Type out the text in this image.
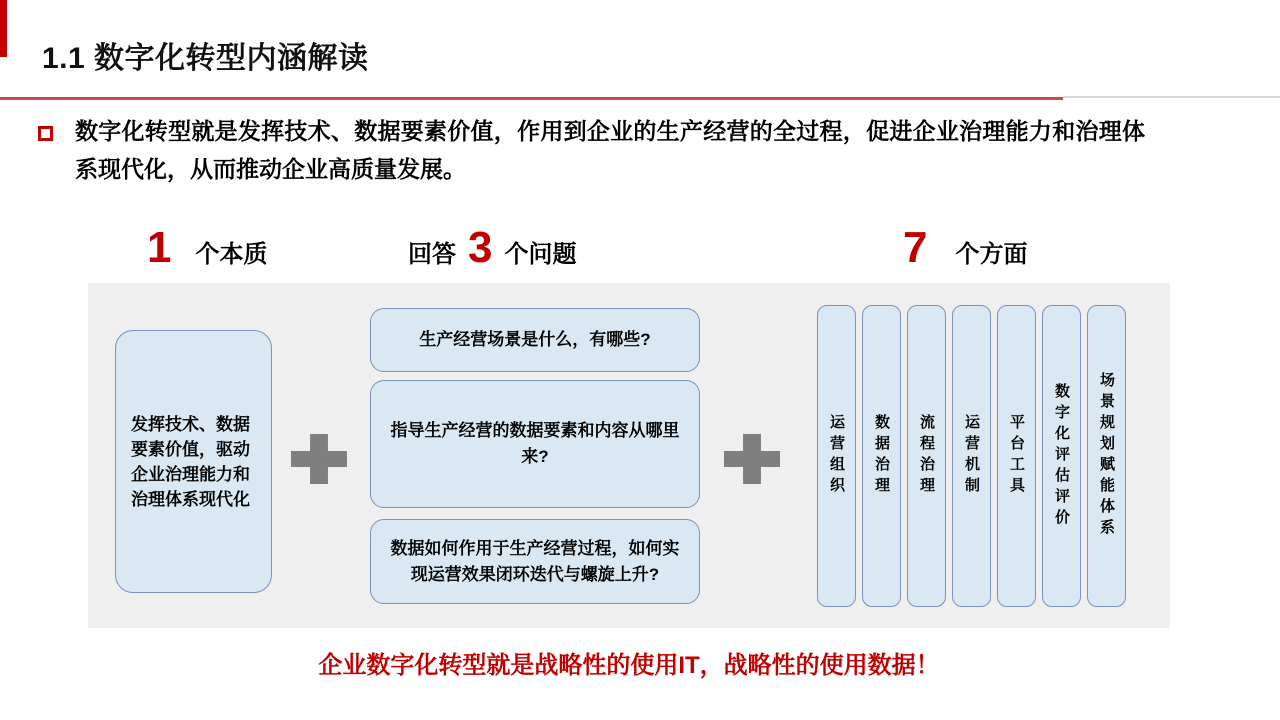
1.1 数字化转型内涵解读

数字化转型就是发挥技术、数据要素价值，作用到企业的生产经营的全过程，促进企业治理能力和治理体系现代化，从而推动企业高质量发展。

1 个本质	回答 3 个问题	7 个方面
发挥技术、数据要素价值，驱动企业治理能力和治理体系现代化
生产经营场景是什么，有哪些?
指导生产经营的数据要素和内容从哪里来?
数据如何作用于生产经营过程，如何实现运营效果闭环迭代与螺旋上升?
运营组织	数据治理	流程治理	运营机制	平台工具	数字化评估评价	场景规划赋能体系

企业数字化转型就是战略性的使用IT，战略性的使用数据！
